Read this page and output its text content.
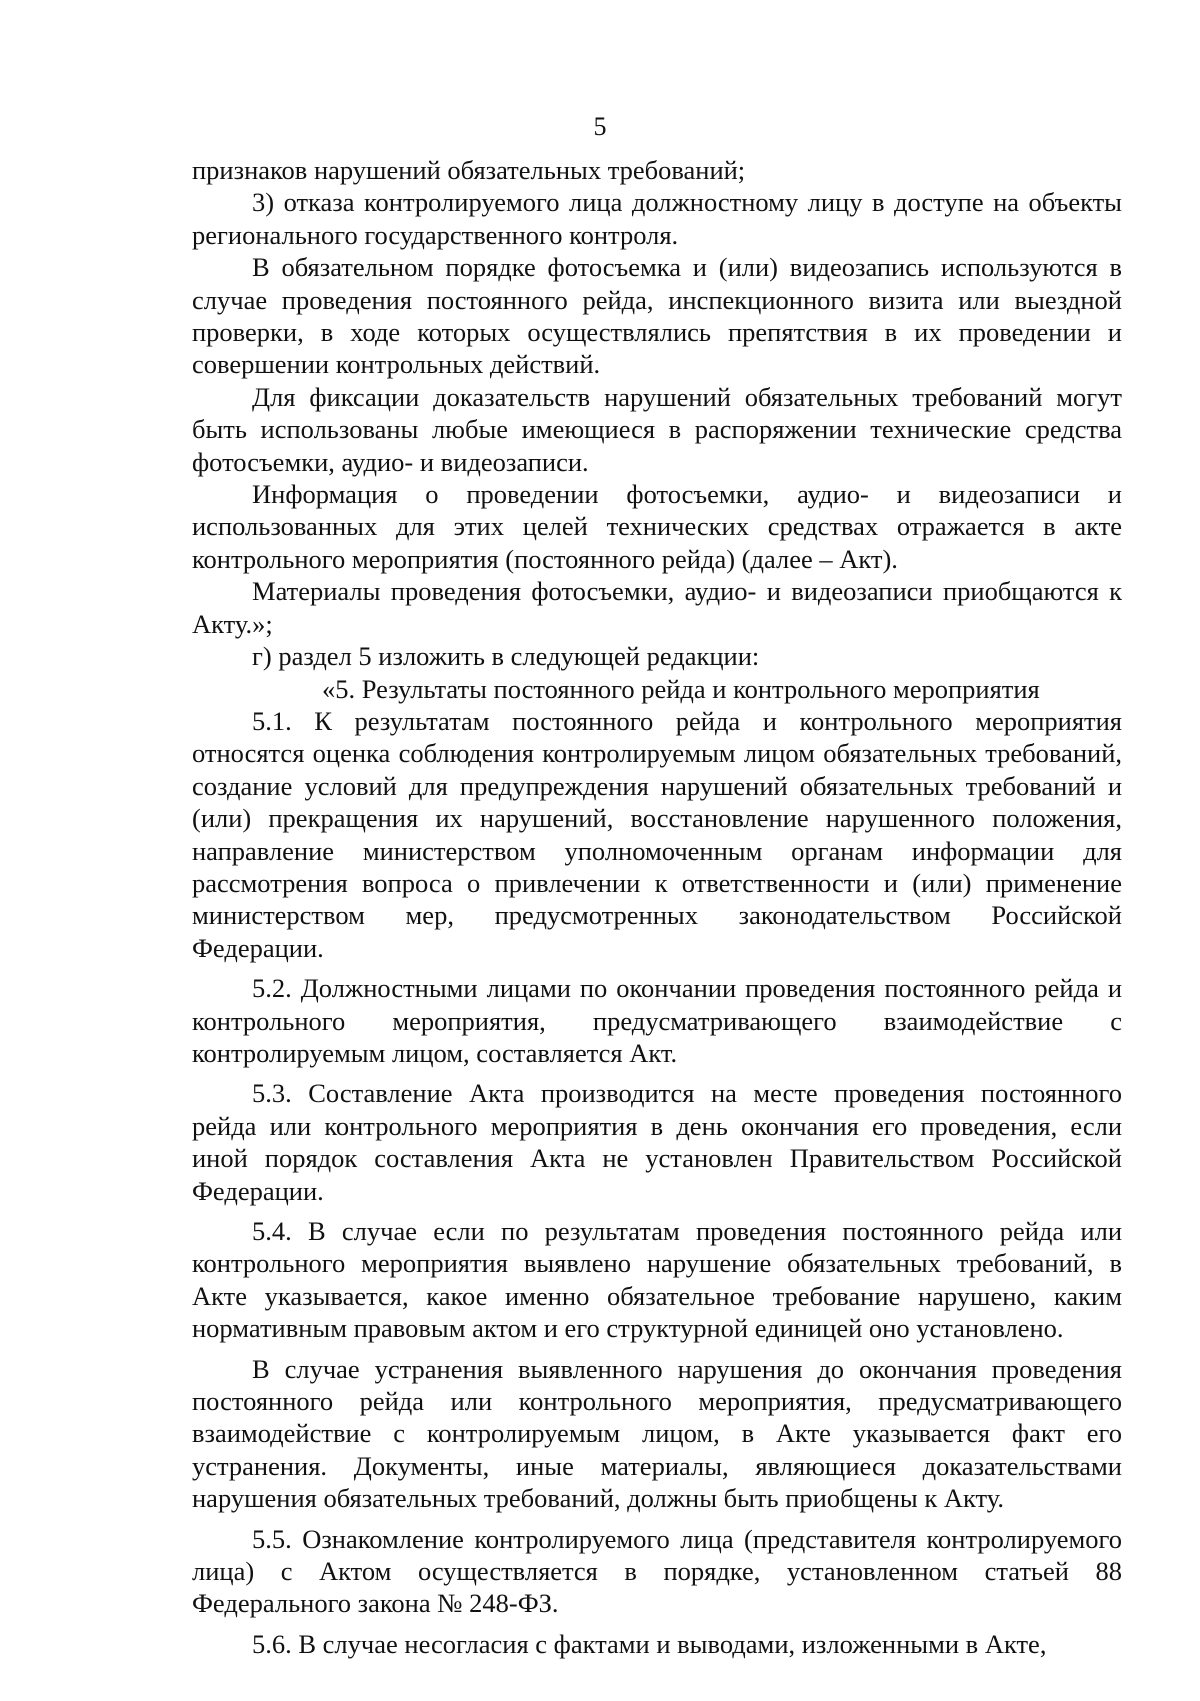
5

признаков нарушений обязательных требований;

3) отказа контролируемого лица должностному лицу в доступе на объекты регионального государственного контроля.

В обязательном порядке фотосъемка и (или) видеозапись используются в случае проведения постоянного рейда, инспекционного визита или выездной проверки, в ходе которых осуществлялись препятствия в их проведении и совершении контрольных действий.

Для фиксации доказательств нарушений обязательных требований могут быть использованы любые имеющиеся в распоряжении технические средства фотосъемки, аудио- и видеозаписи.

Информация о проведении фотосъемки, аудио- и видеозаписи и использованных для этих целей технических средствах отражается в акте контрольного мероприятия (постоянного рейда) (далее – Акт).

Материалы проведения фотосъемки, аудио- и видеозаписи приобщаются к Акту.»;

г) раздел 5 изложить в следующей редакции:

«5. Результаты постоянного рейда и контрольного мероприятия

5.1. К результатам постоянного рейда и контрольного мероприятия относятся оценка соблюдения контролируемым лицом обязательных требований, создание условий для предупреждения нарушений обязательных требований и (или) прекращения их нарушений, восстановление нарушенного положения, направление министерством уполномоченным органам информации для рассмотрения вопроса о привлечении к ответственности и (или) применение министерством мер, предусмотренных законодательством Российской Федерации.

5.2. Должностными лицами по окончании проведения постоянного рейда и контрольного мероприятия, предусматривающего взаимодействие с контролируемым лицом, составляется Акт.

5.3. Составление Акта производится на месте проведения постоянного рейда или контрольного мероприятия в день окончания его проведения, если иной порядок составления Акта не установлен Правительством Российской Федерации.

5.4. В случае если по результатам проведения постоянного рейда или контрольного мероприятия выявлено нарушение обязательных требований, в Акте указывается, какое именно обязательное требование нарушено, каким нормативным правовым актом и его структурной единицей оно установлено.

В случае устранения выявленного нарушения до окончания проведения постоянного рейда или контрольного мероприятия, предусматривающего взаимодействие с контролируемым лицом, в Акте указывается факт его устранения. Документы, иные материалы, являющиеся доказательствами нарушения обязательных требований, должны быть приобщены к Акту.

5.5. Ознакомление контролируемого лица (представителя контролируемого лица) с Актом осуществляется в порядке, установленном статьей 88 Федерального закона № 248-ФЗ.

5.6. В случае несогласия с фактами и выводами, изложенными в Акте,
